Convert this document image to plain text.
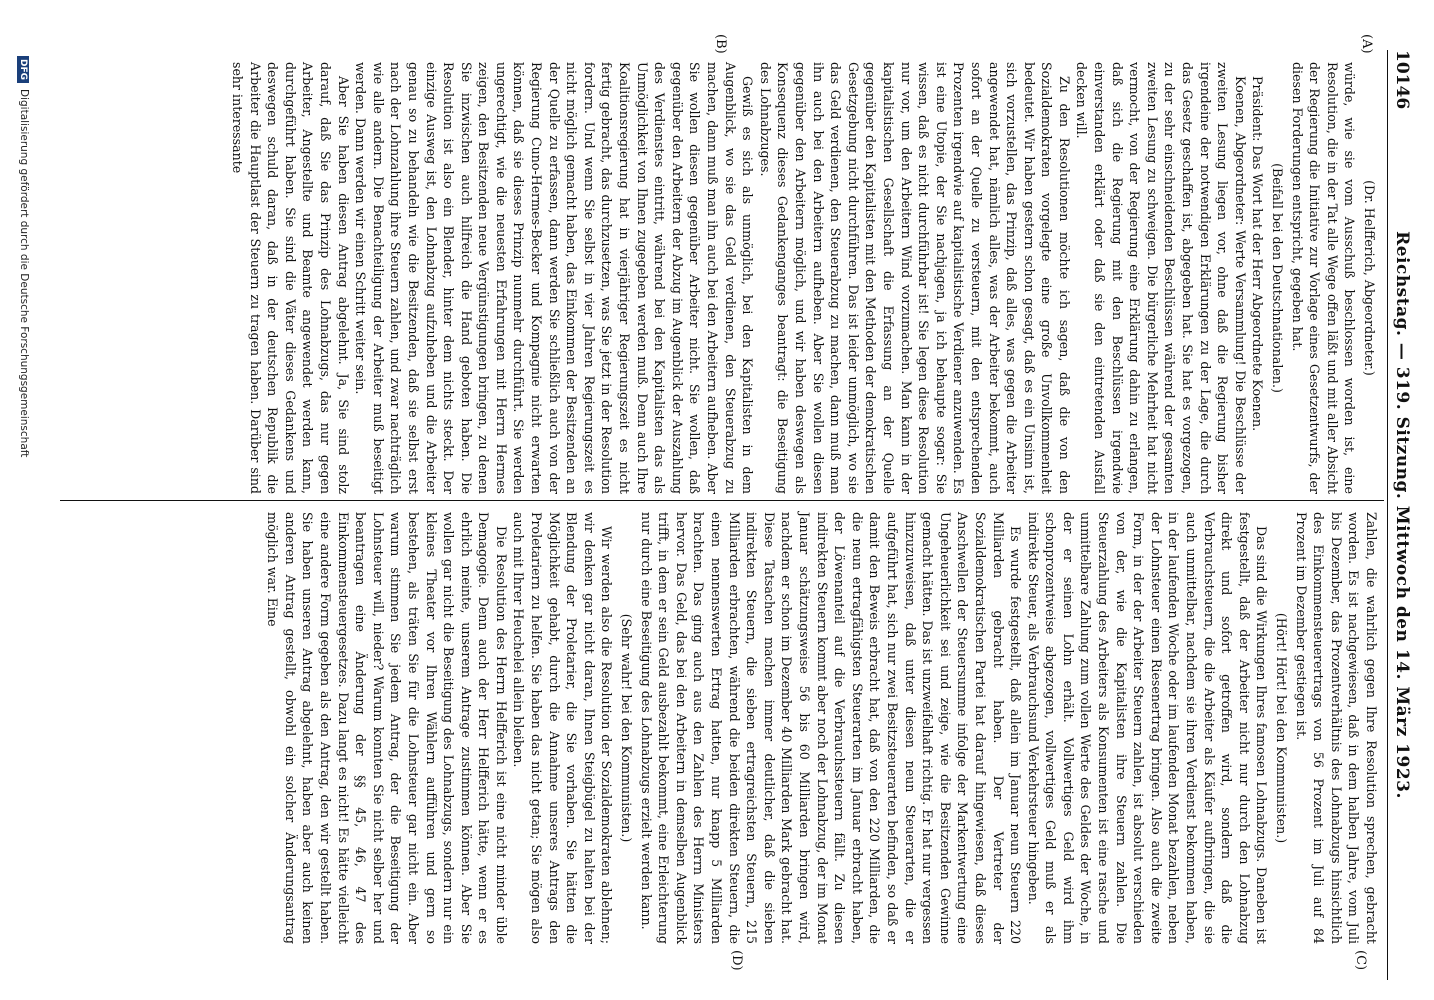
10146
Reichstag. — 319. Sitzung. Mittwoch den 14. März 1923.
(A)
(B)
(C)
(D)

(Dr. Helfferich, Abgeordneter.)

würde, wie sie vom Ausschuß beschlossen worden ist, eine Resolution, die in der Tat alle Wege offen läßt und mit aller Absicht der Regierung die Initiative zur Vorlage eines Gesetzentwurfs, der diesen Forderungen entspricht, gegeben hat.

(Beifall bei den Deutschnationalen.)

Präsident: Das Wort hat der Herr Abgeordnete Koenen.

Koenen, Abgeordneter: Werte Versammlung! Die Beschlüsse der zweiten Lesung liegen vor, ohne daß die Regierung bisher irgendeine der notwendigen Erklärungen zu der Lage, die durch das Gesetz geschaffen ist, abgegeben hat. Sie hat es vorgezogen, zu der sehr einschneidenden Beschlüssen während der gesamten zweiten Lesung zu schweigen. Die bürgerliche Mehrheit hat nicht vermocht, von der Regierung eine Erklärung dahin zu erlangen, daß sich die Regierung mit den Beschlüssen irgendwie einverstanden erklärt oder daß sie den eintretenden Ausfall decken will.

Zu den Resolutionen möchte ich sagen, daß die von den Sozialdemokraten vorgelegte eine große Unvollkommenheit bedeutet. Wir haben gestern schon gesagt, daß es ein Unsinn ist, sich vorzustellen, das Prinzip, daß alles, was gegen die Arbeiter angewendet hat, nämlich alles, was der Arbeiter bekommt, auch sofort an der Quelle zu versteuern, mit den entsprechenden Prozenten irgendwie auf kapitalistische Verdiener anzuwenden. Es ist eine Utopie, der Sie nachjagen, ja ich behaupte sogar: Sie wissen, daß es nicht durchführbar ist! Sie legen diese Resolution nur vor, um den Arbeitern Wind vorzumachen. Man kann in der kapitalistischen Gesellschaft die Erfassung an der Quelle gegenüber den Kapitalisten mit den Methoden der demokratischen Gesetzgebung nicht durchführen. Das ist leider unmöglich, wo sie das Geld verdienen, den Steuerabzug zu machen, dann muß man ihn auch bei den Arbeitern aufheben. Aber Sie wollen diesen gegenüber den Arbeitern möglich, und wir haben deswegen als Konsequenz dieses Gedankenganges beantragt: die Beseitigung des Lohnabzuges.

Gewiß es sich als unmöglich, bei den Kapitalisten in dem Augenblick, wo sie das Geld verdienen, den Steuerabzug zu machen, dann muß man ihn auch bei den Arbeitern aufheben. Aber Sie wollen diesen gegenüber Arbeiter nicht. Sie wollen, daß gegenüber den Arbeitern der Abzug im Augenblick der Auszahlung des Verdienstes eintritt, während bei den Kapitalisten das als Unmöglichkeit von Ihnen zugegeben werden muß. Denn auch Ihre Koalitionsregierung hat in vierjähriger Regierungszeit es nicht fertig gebracht, das durchzusetzen, was Sie jetzt in der Resolution fordern. Und wenn Sie selbst in vier Jahren Regierungszeit es nicht möglich gemacht haben, das Einkommen der Besitzenden an der Quelle zu erfassen, dann werden Sie schließlich auch von der Regierung Cuno-Hermes-Becker und Kompagnie nicht erwarten können, daß sie dieses Prinzip nunmehr durchführt. Sie werden ungerechtigt, wie die neuesten Erfahrungen mit Herrn Hermes zeigen, den Besitzenden neue Vergünstigungen bringen, zu denen Sie inzwischen auch hilfreich die Hand geboten haben. Die Resolution ist also ein Blender, hinter dem nichts steckt. Der einzige Ausweg ist, den Lohnabzug aufzuheben und die Arbeiter genau so zu behandeln wie die Besitzenden, daß sie selbst erst nach der Lohnzahlung ihre Steuern zahlen, und zwar nachträglich wie alle andern. Die Benachteiligung der Arbeiter muß beseitigt werden. Dann werden wir einen Schritt weiter sein.

Aber Sie haben diesen Antrag abgelehnt. Ja, Sie sind stolz darauf, daß Sie das Prinzip des Lohnabzugs, das nur gegen Arbeiter, Angestellte und Beamte angewendet werden kann, durchgeführt haben. Sie sind die Väter dieses Gedankens und deswegen schuld daran, daß in der deutschen Republik die Arbeiter die Hauptlast der Steuern zu tragen haben. Darüber sind sehr interessante

Zahlen, die wahrlich gegen Ihre Resolution sprechen, gebracht worden. Es ist nachgewiesen, daß in dem halben Jahre, vom Juli bis Dezember, das Prozentverhältnis des Lohnabzugs hinsichtlich des Einkommensteuerertrags von 56 Prozent im Juli auf 84 Prozent im Dezember gestiegen ist.

(Hört! Hört! bei den Kommunisten.)

Das sind die Wirkungen Ihres famosen Lohnabzugs. Daneben ist festgestellt, daß der Arbeiter nicht nur durch den Lohnabzug direkt und sofort getroffen wird, sondern daß die Verbrauchsteuern, die die Arbeiter als Käufer aufbringen, die sie auch unmittelbar, nachdem sie ihren Verdienst bekommen haben, in der laufenden Woche oder im laufenden Monat bezahlen, neben der Lohnsteuer einen Riesenertrag bringen. Also auch die zweite Form, in der der Arbeiter Steuern zahlen, ist absolut verschieden von der, wie die Kapitalisten ihre Steuern zahlen. Die Steuerzahlung des Arbeiters als Konsumenten ist eine rasche und unmittelbare Zahlung zum vollen Werte des Geldes der Woche, in der er seinen Lohn erhält. Vollwertiges Geld wird ihm schonprozentweise abgezogen, vollwertiges Geld muß er als indirekte Steuer, als Verbrauchsund Verkehrsteuer hingeben.

Es wurde festgestellt, daß allein im Januar neun Steuern 220 Milliarden gebracht haben. Der Vertreter der Sozialdemokratischen Partei hat darauf hingewiesen, daß dieses Anschwellen der Steuersumme infolge der Markentwertung eine Ungeheuerlichkeit sei und zeige, wie die Besitzenden Gewinne gemacht hätten. Das ist unzweifelhaft richtig. Er hat nur vergessen hinzuzuweisen, daß unter diesen neun Steuerarten, die er aufgeführt hat, sich nur zwei Besitzsteuerarten befinden, so daß er damit den Beweis erbracht hat, daß von den 220 Milliarden, die die neun ertragfähigsten Steuerarten im Januar erbracht haben, der Löwenanteil auf die Verbrauchssteuern fällt. Zu diesen indirekten Steuern kommt aber noch der Lohnabzug, der im Monat Januar schätzungsweise 56 bis 60 Milliarden bringen wird, nachdem er schon im Dezember 40 Milliarden Mark gebracht hat. Diese Tatsachen machen immer deutlicher, daß die sieben indirekten Steuern, die sieben ertragreichsten Steuern, 215 Milliarden erbrachten, während die beiden direkten Steuern, die einen nennenswerten Ertrag hatten, nur knapp 5 Milliarden brachten. Das ging auch aus den Zahlen des Herrn Ministers hervor. Das Geld, das bei den Arbeitern in demselben Augenblick trifft, in dem er sein Geld ausbezahlt bekommt, eine Erleichterung nur durch eine Beseitigung des Lohnabzugs erzielt werden kann.

(Sehr wahr! bei den Kommunisten.)

Wir werden also die Resolution der Sozialdemokraten ablehnen; wir denken gar nicht daran, Ihnen Steigbügel zu halten bei der Blendung der Proletarier, die Sie vorhaben. Sie hätten die Möglichkeit gehabt, durch die Annahme unseres Antrags den Proletariern zu helfen. Sie haben das nicht getan; Sie mögen also auch mit Ihrer Heuchelei allein bleiben.

Die Resolution des Herrn Helfferich ist eine nicht minder üble Demagogie. Denn auch der Herr Helfferich hätte, wenn er es ehrlich meinte, unserem Antrage zustimmen können. Aber Sie wollen gar nicht die Beseitigung des Lohnabzugs, sondern nur ein kleines Theater vor Ihren Wählern aufführen und gern so bestehen, als träten Sie für die Lohnsteuer gar nicht ein. Aber warum stimmen Sie jedem Antrag, der die Beseitigung der Lohnsteuer will, nieder? Warum konnten Sie nicht selber her und beantragen eine Änderung der §§ 45, 46, 47 des Einkommensteuergesetzes. Dazu langt es nicht! Es hätte vielleicht eine andere Form gegeben als den Antrag, den wir gestellt haben. Sie haben unseren Antrag abgelehnt, haben aber auch keinen anderen Antrag gestellt, obwohl ein solcher Änderungsantrag möglich war. Eine

DFGDigitalisierung gefördert durch die Deutsche Forschungsgemeinschaft
